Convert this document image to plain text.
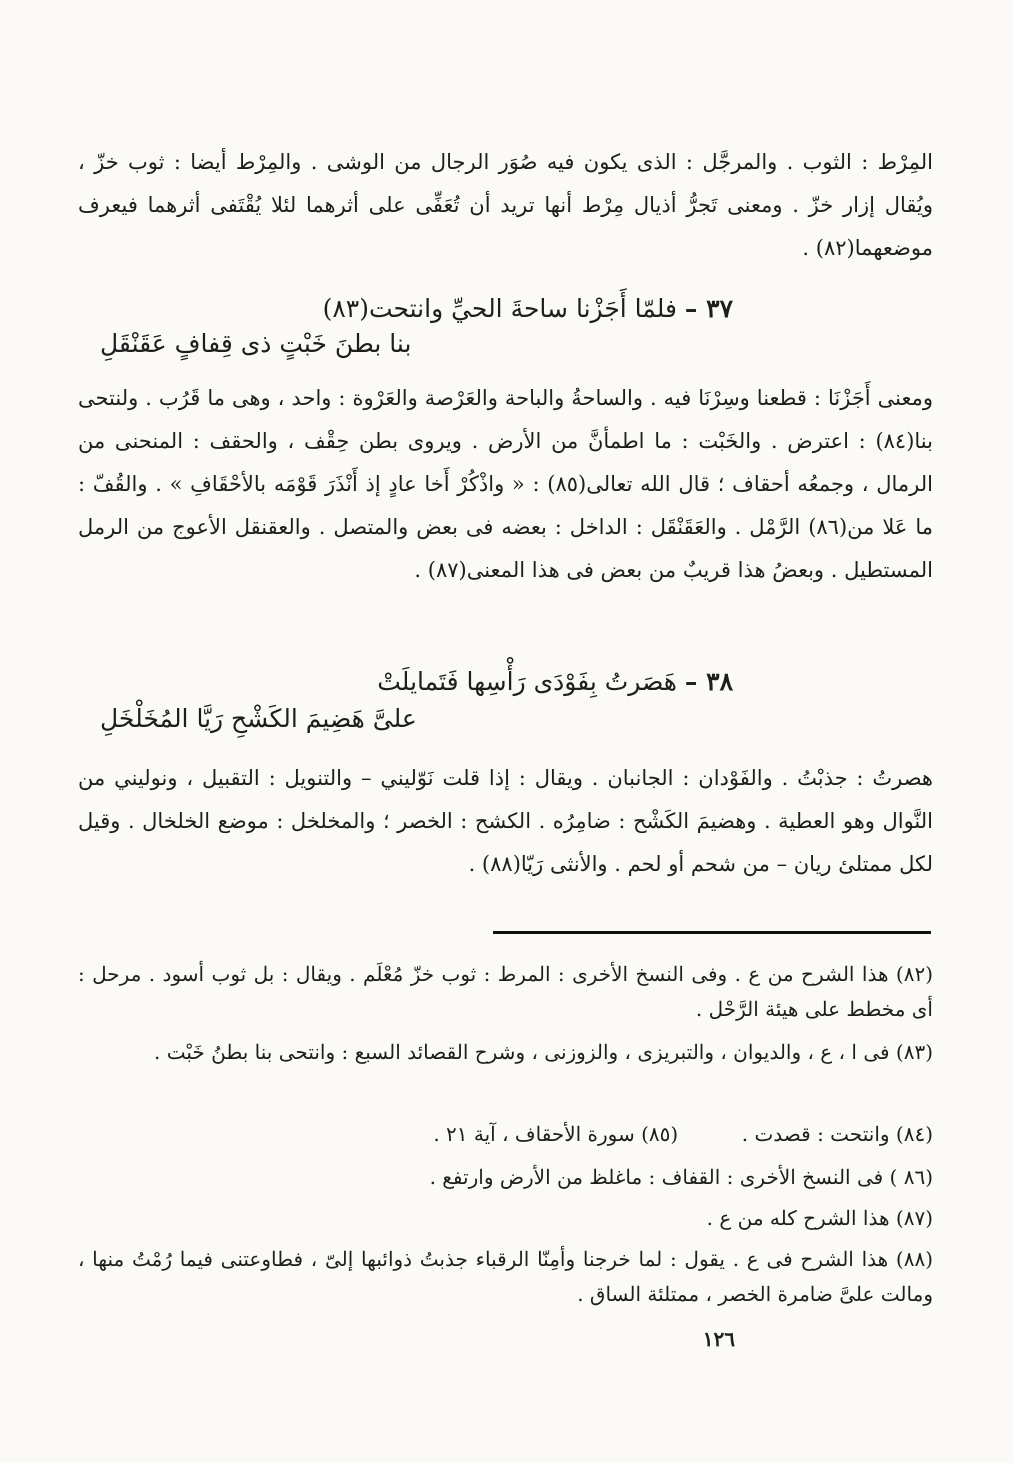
المِرْط : الثوب . والمرجَّل : الذى يكون فيه صُوَر الرجال من الوشى . والمِرْط أيضا : ثوب خزّ ، ويُقال إزار خزّ . ومعنى تَجرُّ أذيال مِرْط أنها تريد أن تُعَفِّى على أثرهما لئلا يُقْتَفى أثرهما فيعرف موضعهما(٨٢) .
٣٧ – فلمّا أَجَزْنا ساحةَ الحيِّ وانتحت(٨٣)
بنا بطنَ خَبْتٍ ذى قِفافٍ عَقَنْقَلِ
ومعنى أَجَزْنَا : قطعنا وسِرْنَا فيه . والساحةُ والباحة والعَرْصة والعَرْوة : واحد ، وهى ما قَرُب . ولنتحى بنا(٨٤) : اعترض . والخَبْت : ما اطمأنَّ من الأرض . ويروى بطن حِقْف ، والحقف : المنحنى من الرمال ، وجمعُه أحقاف ؛ قال الله تعالى(٨٥) : « واذْكُرْ أَخا عادٍ إذ أَنْذَرَ قَوْمَه بالأحْقَافِ » . والقُفّ : ما عَلا من(٨٦) الرَّمْل . والعَقَنْقَل : الداخل : بعضه فى بعض والمتصل . والعقنقل الأعوج من الرمل المستطيل . وبعضُ هذا قريبٌ من بعض فى هذا المعنى(٨٧) .
٣٨ – هَصَرتُ بِفَوْدَى رَأْسِها فَتَمايلَتْ
علىَّ هَضِيمَ الكَشْحِ رَيَّا المُخَلْخَلِ
هصرتُ : جذبْتُ . والفَوْدان : الجانبان . ويقال : إذا قلت نَوّليني – والتنويل : التقبيل ، ونوليني من النَّوال وهو العطية . وهضيمَ الكَشْح : ضامِرُه . الكشح : الخصر ؛ والمخلخل : موضع الخلخال . وقيل لكل ممتلئ ريان – من شحم أو لحم . والأنثى رَيّا(٨٨) .
(٨٢) هذا الشرح من ع . وفى النسخ الأخرى : المرط : ثوب خزّ مُعْلَم . ويقال : بل ثوب أسود . مرحل : أى مخطط على هيئة الرَّحْل .
(٨٣) فى ا ، ع ، والديوان ، والتبريزى ، والزوزنى ، وشرح القصائد السبع : وانتحى بنا بطنُ خَبْت .
(٨٤) وانتحت : قصدت .          (٨٥) سورة الأحقاف ، آية ٢١ .
(٨٦ ) فى النسخ الأخرى : القفاف : ماغلظ من الأرض وارتفع .
(٨٧) هذا الشرح كله من ع .
(٨٨) هذا الشرح فى ع . يقول : لما خرجنا وأمِنّا الرقباء جذبتُ ذوائبها إلىّ ، فطاوعتنى فيما رُمْتُ منها ، ومالت علىَّ ضامرة الخصر ، ممتلئة الساق .
١٢٦
